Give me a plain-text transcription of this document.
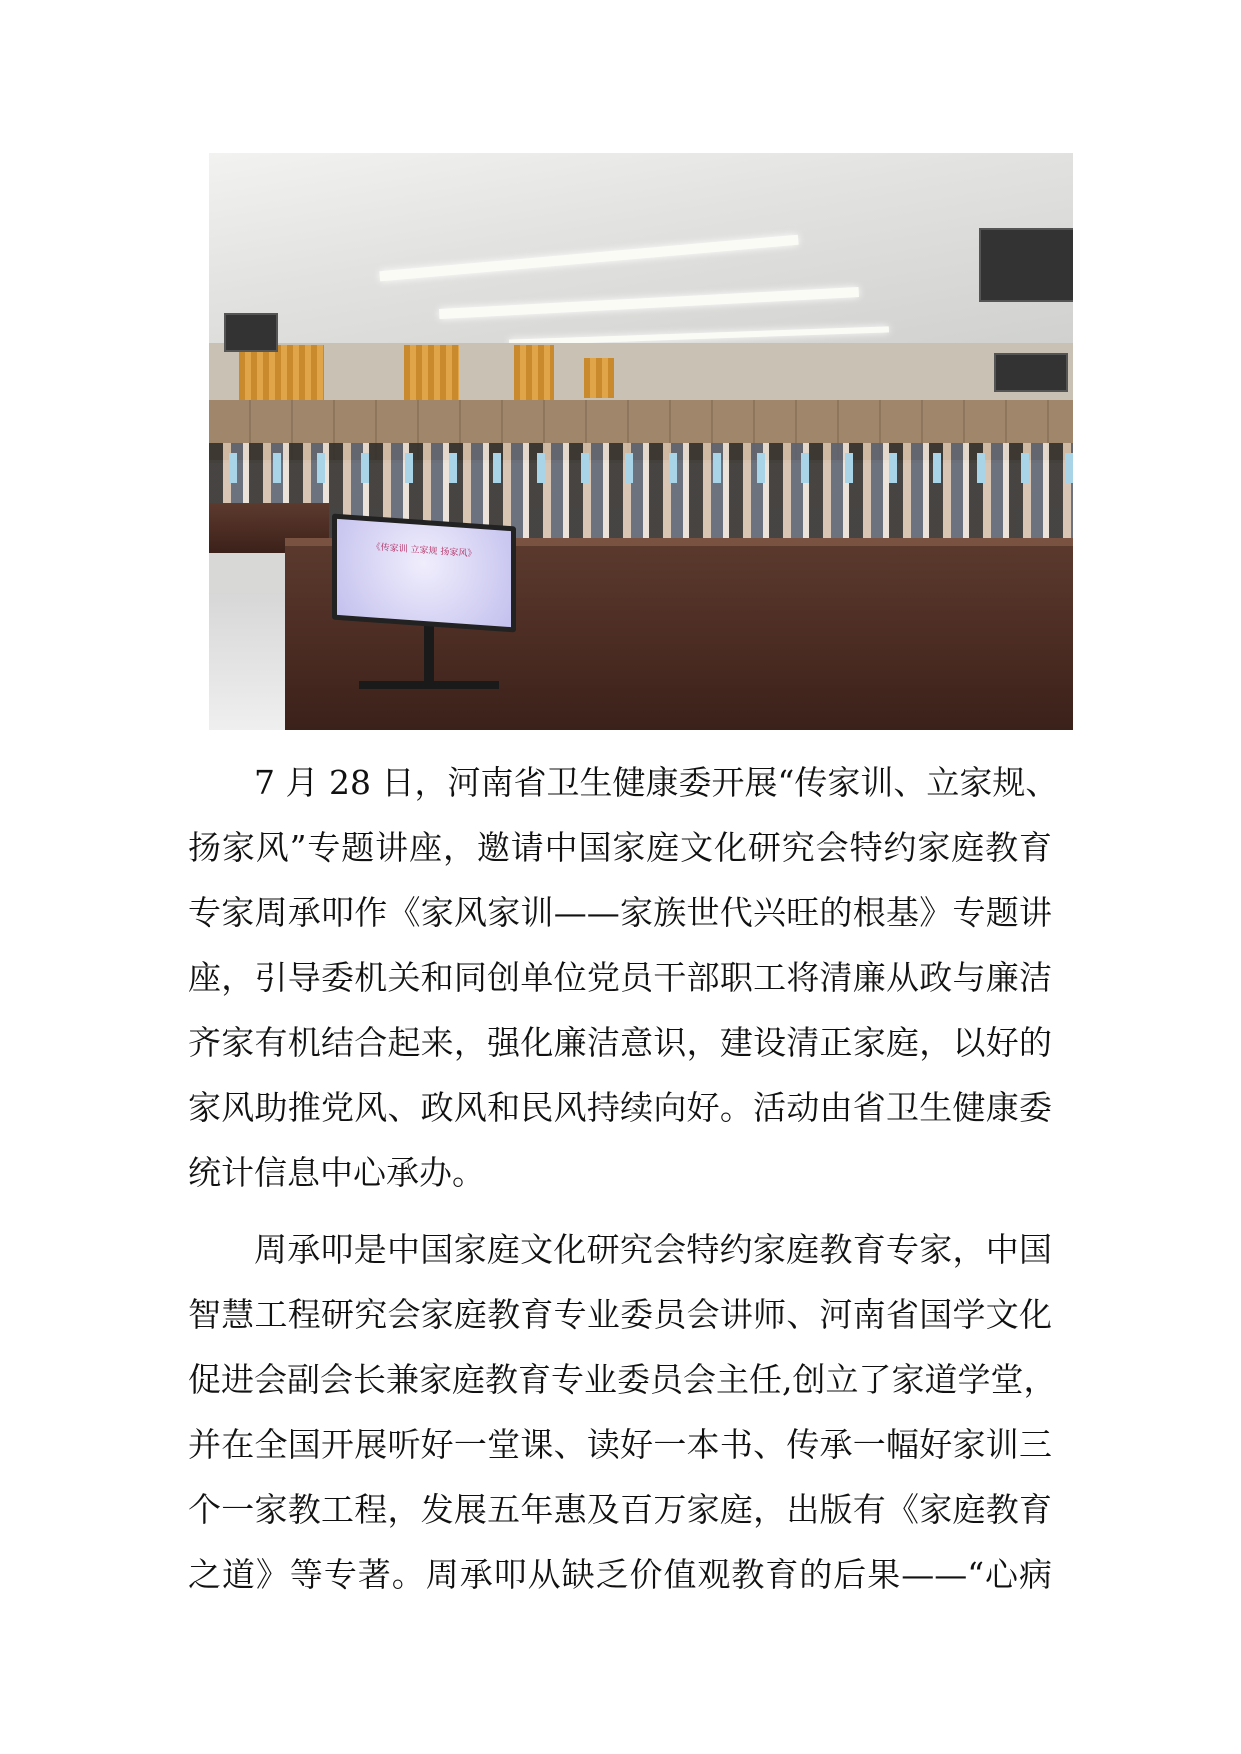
《传家训 立家规 扬家风》
7 月 28 日，河南省卫生健康委开展“传家训、立家规、
扬家风”专题讲座，邀请中国家庭文化研究会特约家庭教育
专家周承叩作《家风家训——家族世代兴旺的根基》专题讲
座，引导委机关和同创单位党员干部职工将清廉从政与廉洁
齐家有机结合起来，强化廉洁意识，建设清正家庭，以好的
家风助推党风、政风和民风持续向好。活动由省卫生健康委
统计信息中心承办。
周承叩是中国家庭文化研究会特约家庭教育专家，中国
智慧工程研究会家庭教育专业委员会讲师、河南省国学文化
促进会副会长兼家庭教育专业委员会主任,创立了家道学堂，
并在全国开展听好一堂课、读好一本书、传承一幅好家训三
个一家教工程，发展五年惠及百万家庭，出版有《家庭教育
之道》等专著。周承叩从缺乏价值观教育的后果——“心病
